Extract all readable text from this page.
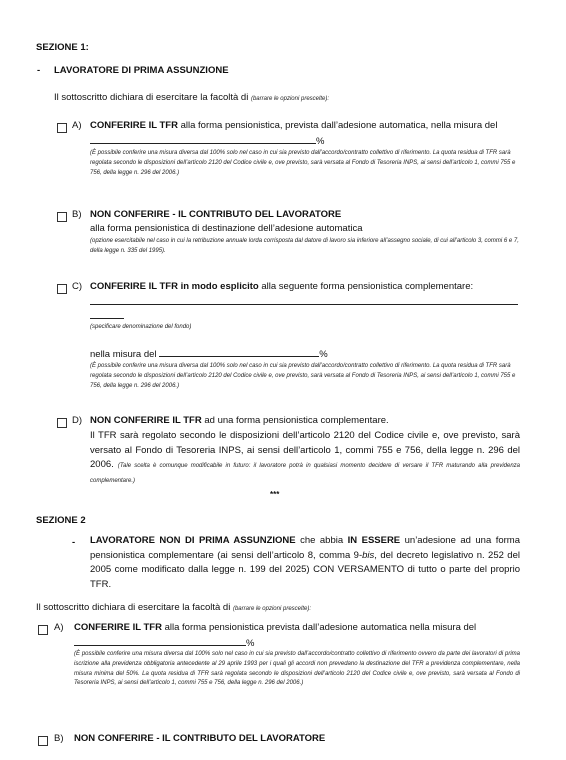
SEZIONE 1:
- LAVORATORE DI PRIMA ASSUNZIONE
Il sottoscritto dichiara di esercitare la facoltà di (barrare le opzioni prescelte):
A) CONFERIRE IL TFR alla forma pensionistica, prevista dall’adesione automatica, nella misura del
%
(È possibile conferire una misura diversa dal 100% solo nel caso in cui sia previsto dall’accordo/contratto collettivo di riferimento. La quota residua di TFR sarà regolata secondo le disposizioni dell’articolo 2120 del Codice civile e, ove previsto, sarà versata al Fondo di Tesoreria INPS, ai sensi dell’articolo 1, commi 755 e 756, della legge n. 296 del 2006.)
B) NON CONFERIRE - IL CONTRIBUTO DEL LAVORATORE
alla forma pensionistica di destinazione dell’adesione automatica
(opzione esercitabile nel caso in cui la retribuzione annuale lorda corrisposta dal datore di lavoro sia inferiore all’assegno sociale, di cui all’articolo 3, commi 6 e 7, della legge n. 335 del 1995).
C) CONFERIRE IL TFR in modo esplicito alla seguente forma pensionistica complementare:
(specificare denominazione del fondo)
nella misura del	%
(È possibile conferire una misura diversa dal 100% solo nel caso in cui sia previsto dall’accordo/contratto collettivo di riferimento. La quota residua di TFR sarà regolata secondo le disposizioni dell’articolo 2120 del Codice civile e, ove previsto, sarà versata al Fondo di Tesoreria INPS, ai sensi dell’articolo 1, commi 755 e 756, della legge n. 296 del 2006.)
D) NON CONFERIRE IL TFR ad una forma pensionistica complementare.
Il TFR sarà regolato secondo le disposizioni dell’articolo 2120 del Codice civile e, ove previsto, sarà versato al Fondo di Tesoreria INPS, ai sensi dell’articolo 1, commi 755 e 756, della legge n. 296 del 2006. (Tale scelta è comunque modificabile in futuro: il lavoratore potrà in qualsiasi momento decidere di versare il TFR maturando alla previdenza complementare.)
***
SEZIONE 2
- LAVORATORE NON DI PRIMA ASSUNZIONE che abbia IN ESSERE un’adesione ad una forma pensionistica complementare (ai sensi dell’articolo 8, comma 9-bis, del decreto legislativo n. 252 del 2005 come modificato dalla legge n. 199 del 2025) CON VERSAMENTO di tutto o parte del proprio TFR.
Il sottoscritto dichiara di esercitare la facoltà di (barrare le opzioni prescelte):
A) CONFERIRE IL TFR alla forma pensionistica prevista dall’adesione automatica nella misura del
%
(È possibile conferire una misura diversa dal 100% solo nel caso in cui sia previsto dall’accordo/contratto collettivo di riferimento ovvero da parte dei lavoratori di prima iscrizione alla previdenza obbligatoria antecedente al 29 aprile 1993 per i quali gli accordi non prevedano la destinazione del TFR a previdenza complementare, nella misura minima del 50%. La quota residua di TFR sarà regolata secondo le disposizioni dell’articolo 2120 del Codice civile e, ove previsto, sarà versata al Fondo di Tesoreria INPS, ai sensi dell’articolo 1, commi 755 e 756, della legge n. 296 del 2006.)
B) NON CONFERIRE - IL CONTRIBUTO DEL LAVORATORE
